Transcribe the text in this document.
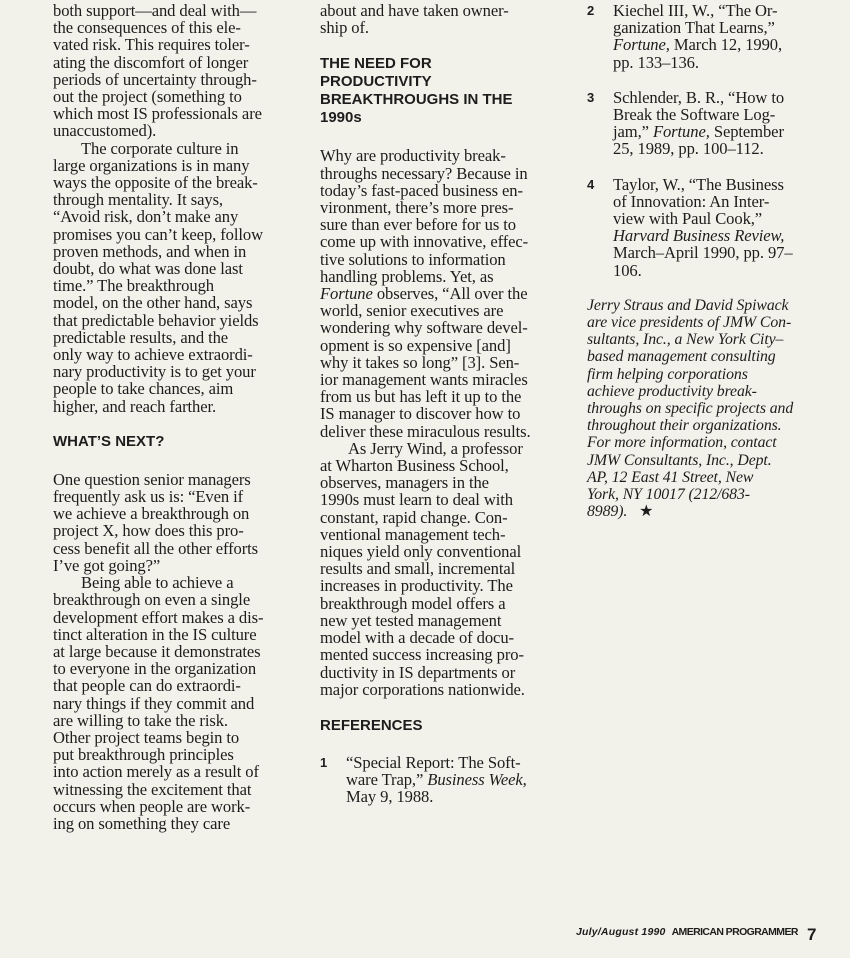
both support—and deal with—
the consequences of this ele-
vated risk. This requires toler-
ating the discomfort of longer
periods of uncertainty through-
out the project (something to
which most IS professionals are
unaccustomed).

The corporate culture in
large organizations is in many
ways the opposite of the break-
through mentality. It says,
“Avoid risk, don’t make any
promises you can’t keep, follow
proven methods, and when in
doubt, do what was done last
time.” The breakthrough
model, on the other hand, says
that predictable behavior yields
predictable results, and the
only way to achieve extraordi-
nary productivity is to get your
people to take chances, aim
higher, and reach farther.

WHAT’S NEXT?

One question senior managers
frequently ask us is: “Even if
we achieve a breakthrough on
project X, how does this pro-
cess benefit all the other efforts
I’ve got going?”

Being able to achieve a
breakthrough on even a single
development effort makes a dis-
tinct alteration in the IS culture
at large because it demonstrates
to everyone in the organization
that people can do extraordi-
nary things if they commit and
are willing to take the risk.
Other project teams begin to
put breakthrough principles
into action merely as a result of
witnessing the excitement that
occurs when people are work-
ing on something they care

about and have taken owner-
ship of.

THE NEED FOR
PRODUCTIVITY
BREAKTHROUGHS IN THE
1990s

Why are productivity break-
throughs necessary? Because in
today’s fast-paced business en-
vironment, there’s more pres-
sure than ever before for us to
come up with innovative, effec-
tive solutions to information
handling problems. Yet, as
Fortune observes, “All over the
world, senior executives are
wondering why software devel-
opment is so expensive [and]
why it takes so long” [3]. Sen-
ior management wants miracles
from us but has left it up to the
IS manager to discover how to
deliver these miraculous results.

As Jerry Wind, a professor
at Wharton Business School,
observes, managers in the
1990s must learn to deal with
constant, rapid change. Con-
ventional management tech-
niques yield only conventional
results and small, incremental
increases in productivity. The
breakthrough model offers a
new yet tested management
model with a decade of docu-
mented success increasing pro-
ductivity in IS departments or
major corporations nationwide.

REFERENCES
1 “Special Report: The Soft-
ware Trap,” Business Week,
May 9, 1988.

2 Kiechel III, W., “The Or-
ganization That Learns,”
Fortune, March 12, 1990,
pp. 133–136.

3 Schlender, B. R., “How to
Break the Software Log-
jam,” Fortune, September
25, 1989, pp. 100–112.

4 Taylor, W., “The Business
of Innovation: An Inter-
view with Paul Cook,”
Harvard Business Review,
March–April 1990, pp. 97–
106.

Jerry Straus and David Spiwack
are vice presidents of JMW Con-
sultants, Inc., a New York City–
based management consulting
firm helping corporations
achieve productivity break-
throughs on specific projects and
throughout their organizations.
For more information, contact
JMW Consultants, Inc., Dept.
AP, 12 East 41 Street, New
York, NY 10017 (212/683-
8989). ★

July/August 1990 AMERICAN PROGRAMMER 7
